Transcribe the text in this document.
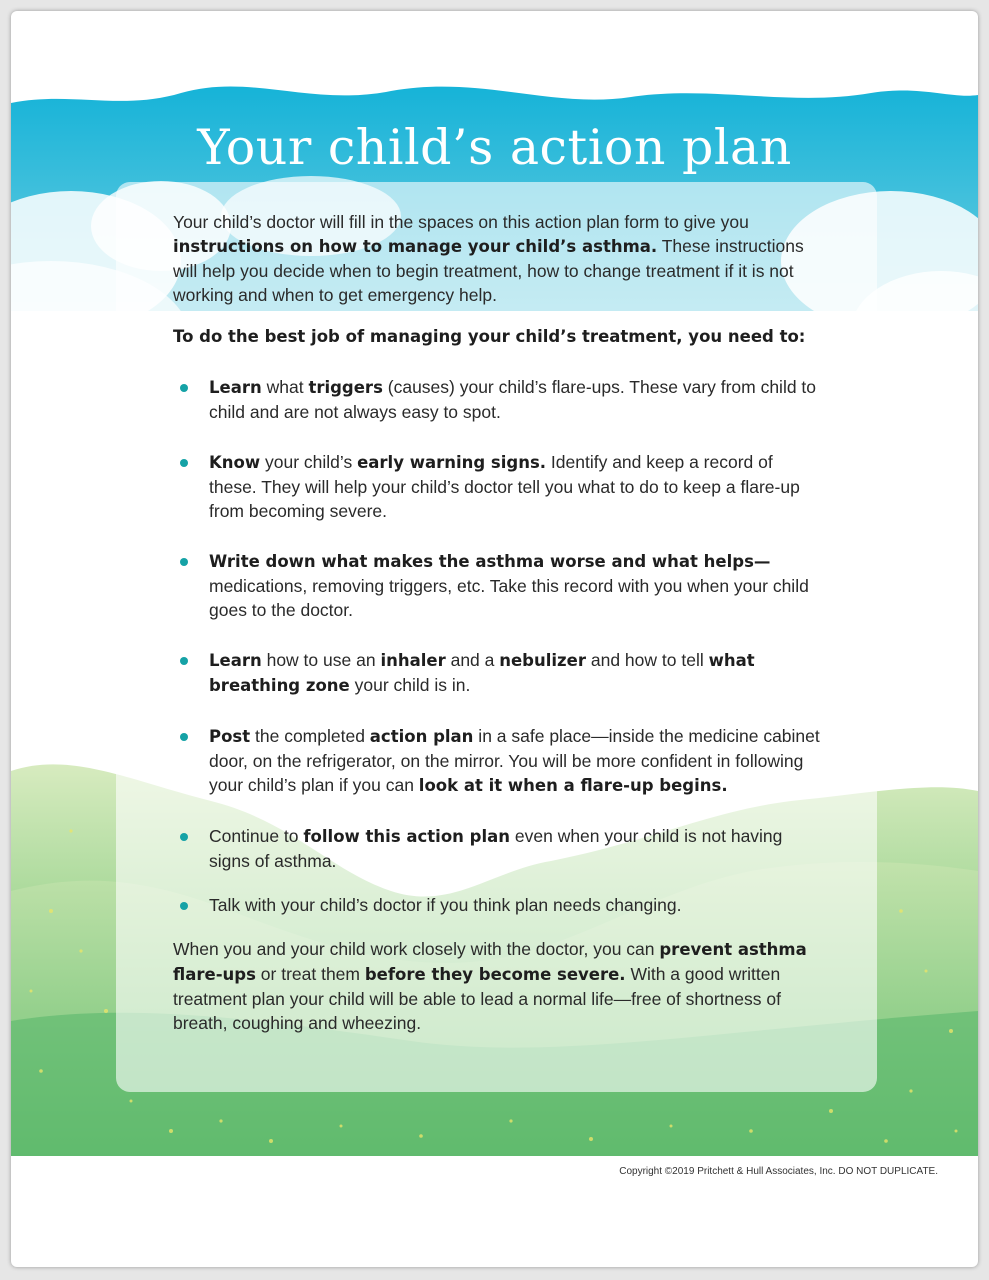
Your child’s action plan

Your child’s doctor will fill in the spaces on this action plan form to give you instructions on how to manage your child’s asthma. These instructions will help you decide when to begin treatment, how to change treatment if it is not working and when to get emergency help.

To do the best job of managing your child’s treatment, you need to:

Learn what triggers (causes) your child’s flare-ups. These vary from child to child and are not always easy to spot.
Know your child’s early warning signs. Identify and keep a record of these. They will help your child’s doctor tell you what to do to keep a flare-up from becoming severe.
Write down what makes the asthma worse and what helps—
medications, removing triggers, etc. Take this record with you when your child goes to the doctor.
Learn how to use an inhaler and a nebulizer and how to tell what breathing zone your child is in.
Post the completed action plan in a safe place—inside the medicine cabinet door, on the refrigerator, on the mirror. You will be more confident in following your child’s plan if you can look at it when a flare-up begins.
Continue to follow this action plan even when your child is not having signs of asthma.
Talk with your child’s doctor if you think plan needs changing.

When you and your child work closely with the doctor, you can prevent asthma flare-ups or treat them before they become severe. With a good written treatment plan your child will be able to lead a normal life—free of shortness of breath, coughing and wheezing.

Copyright ©2019 Pritchett & Hull Associates, Inc. DO NOT DUPLICATE.
